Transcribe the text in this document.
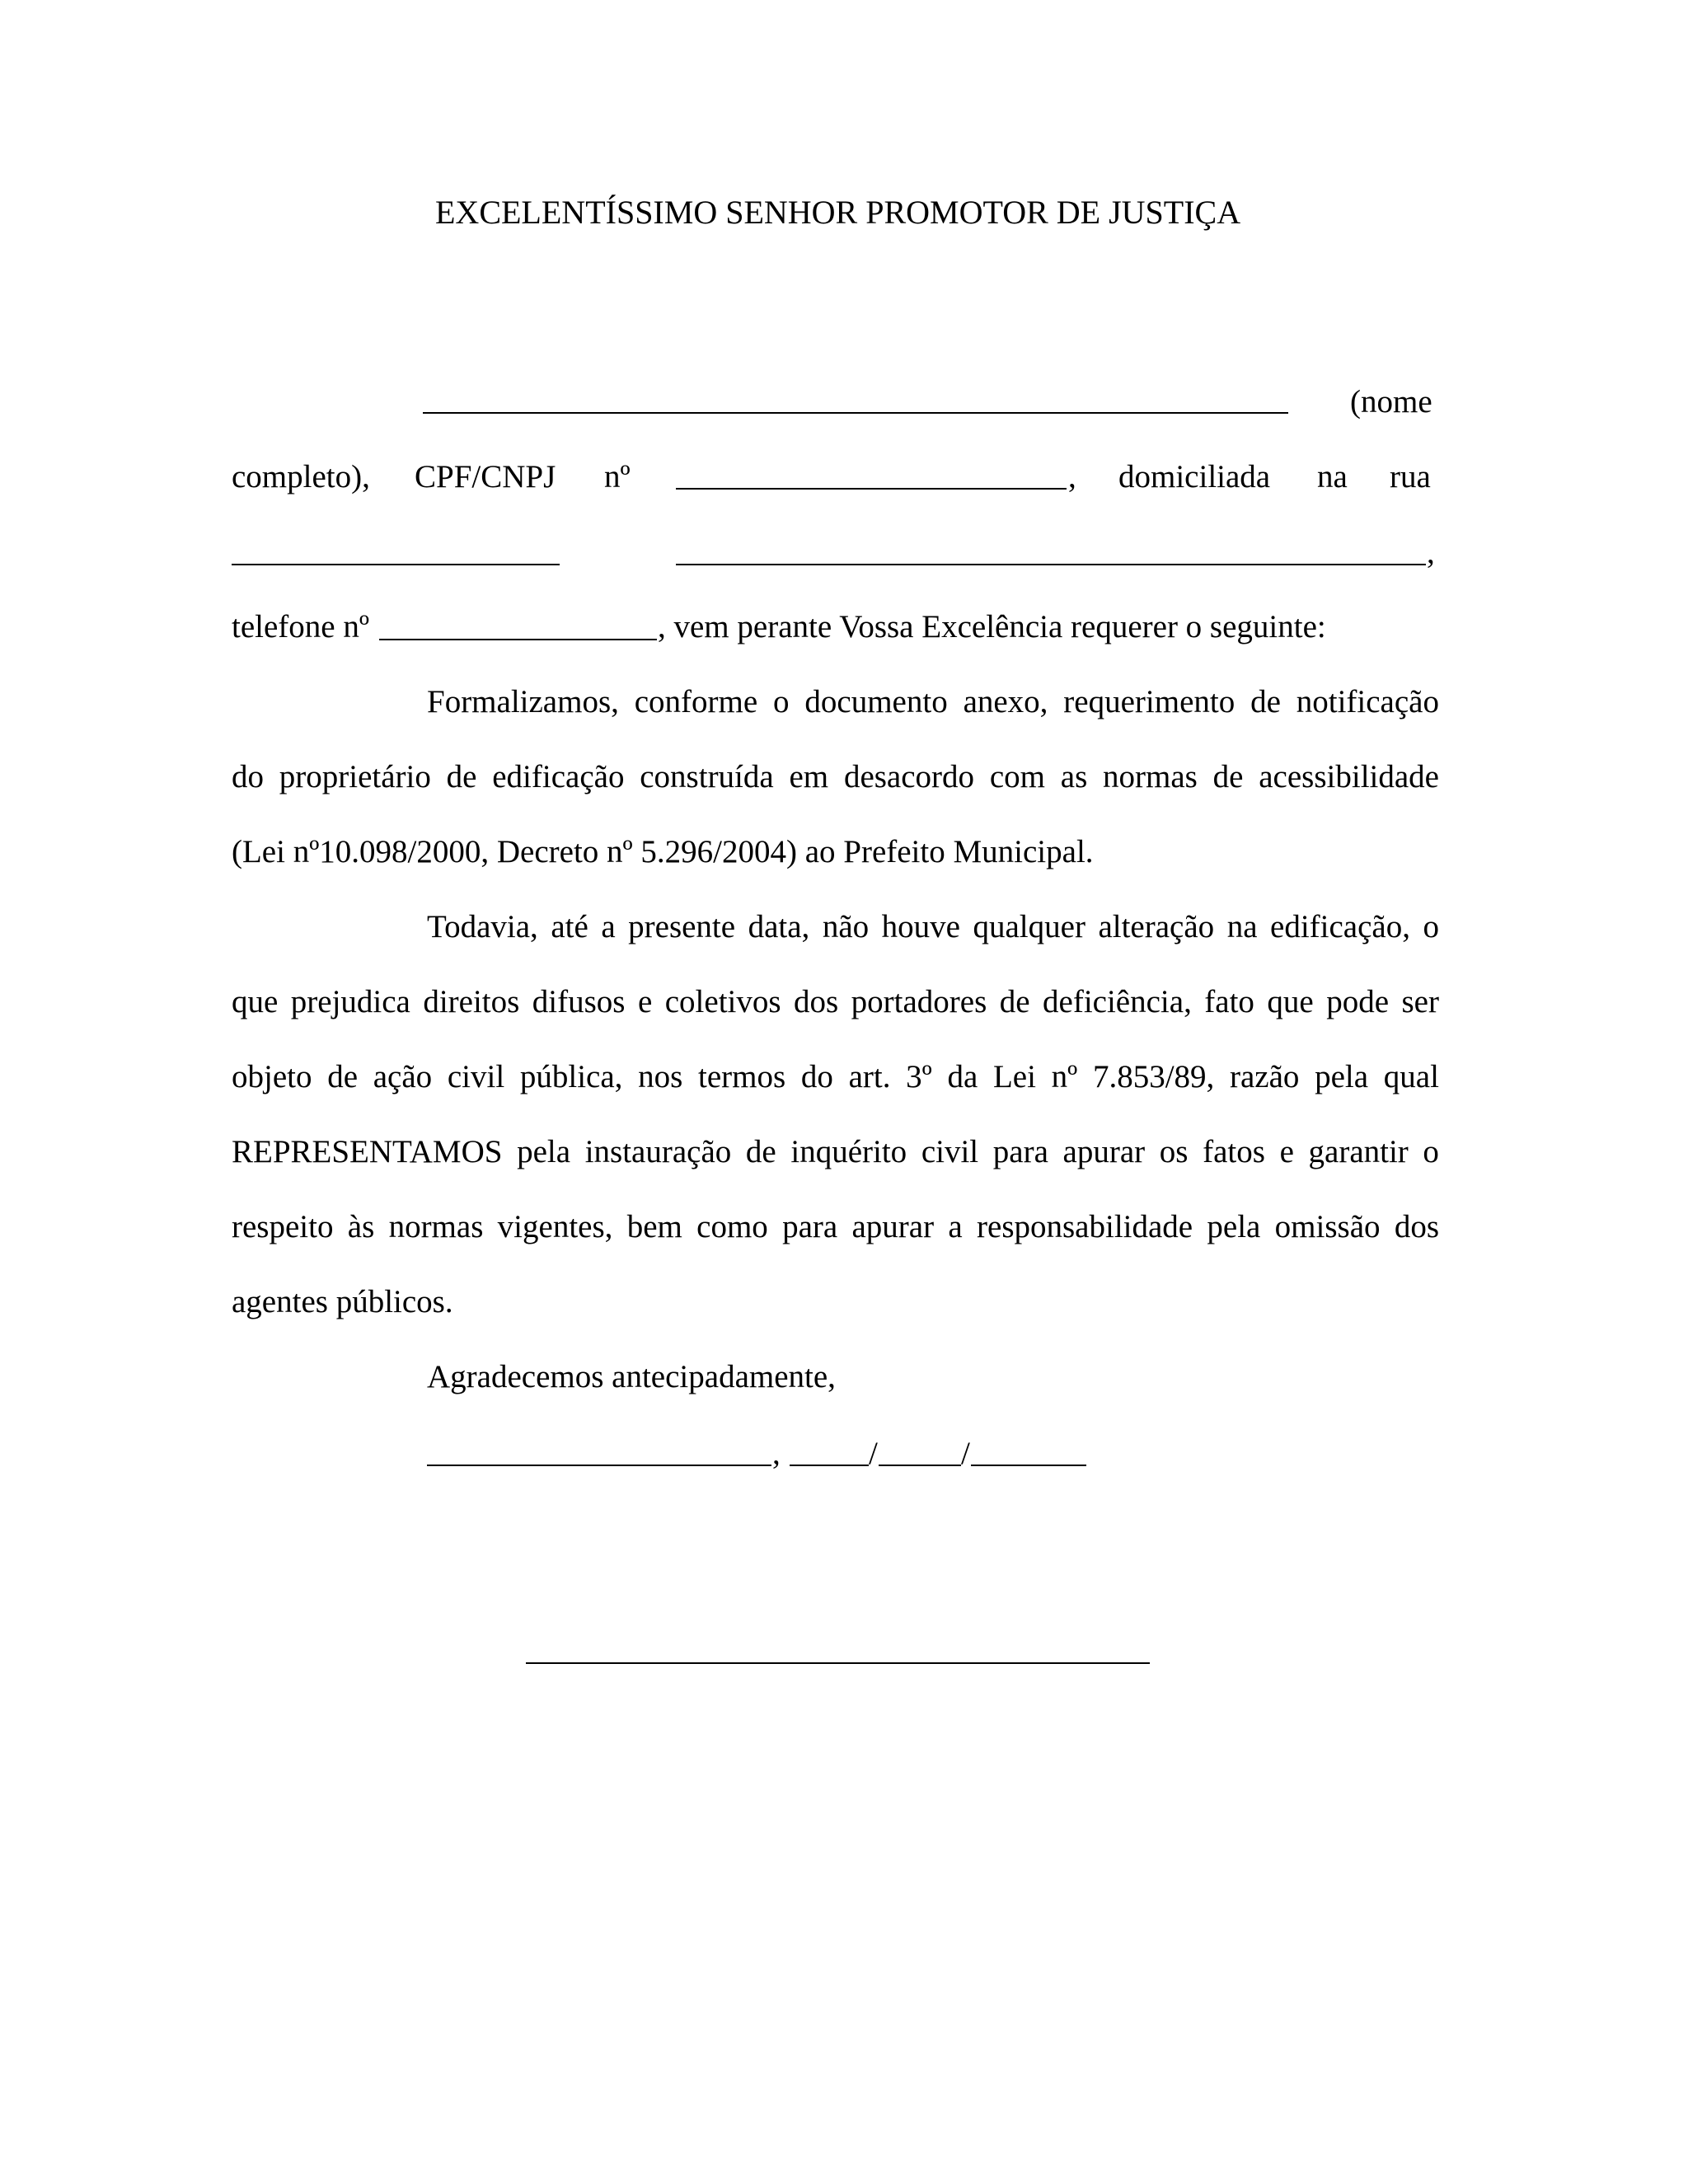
EXCELENTÍSSIMO SENHOR PROMOTOR DE JUSTIÇA
(nome
completo), CPF/CNPJ nº	, domiciliada na rua
,
telefone nº	, vem perante Vossa Excelência requerer o seguinte:
Formalizamos, conforme o documento anexo, requerimento de notificação
do proprietário de edificação construída em desacordo com as normas de acessibilidade
(Lei nº10.098/2000, Decreto nº 5.296/2004) ao Prefeito Municipal.
Todavia, até a presente data, não houve qualquer alteração na edificação, o
que prejudica direitos difusos e coletivos dos portadores de deficiência, fato que pode ser
objeto de ação civil pública, nos termos do art. 3º da Lei nº 7.853/89, razão pela qual
REPRESENTAMOS pela instauração de inquérito civil para apurar os fatos e garantir o
respeito às normas vigentes, bem como para apurar a responsabilidade pela omissão dos
agentes públicos.
Agradecemos antecipadamente,
,	/	/
